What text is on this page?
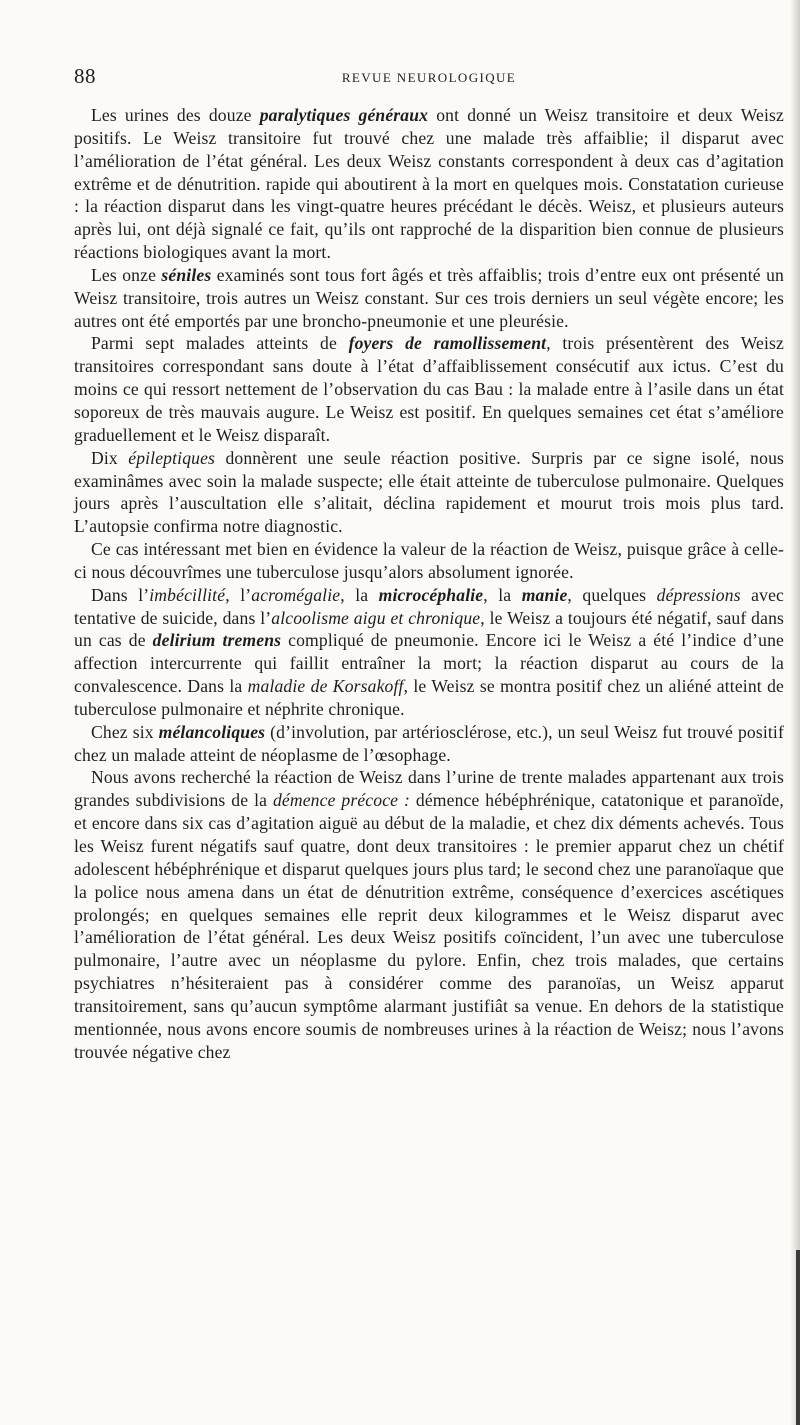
88	REVUE NEUROLOGIQUE

Les urines des douze paralytiques généraux ont donné un Weisz transitoire et deux Weisz positifs. Le Weisz transitoire fut trouvé chez une malade très affaiblie; il disparut avec l’amélioration de l’état général. Les deux Weisz constants correspondent à deux cas d’agitation extrême et de dénutrition. rapide qui aboutirent à la mort en quelques mois. Constatation curieuse : la réaction disparut dans les vingt-quatre heures précédant le décès. Weisz, et plusieurs auteurs après lui, ont déjà signalé ce fait, qu’ils ont rapproché de la disparition bien connue de plusieurs réactions biologiques avant la mort.

Les onze séniles examinés sont tous fort âgés et très affaiblis; trois d’entre eux ont présenté un Weisz transitoire, trois autres un Weisz constant. Sur ces trois derniers un seul végète encore; les autres ont été emportés par une broncho-pneumonie et une pleurésie.

Parmi sept malades atteints de foyers de ramollissement, trois présentèrent des Weisz transitoires correspondant sans doute à l’état d’affaiblissement consécutif aux ictus. C’est du moins ce qui ressort nettement de l’observation du cas Bau : la malade entre à l’asile dans un état soporeux de très mauvais augure. Le Weisz est positif. En quelques semaines cet état s’améliore graduellement et le Weisz disparaît.

Dix épileptiques donnèrent une seule réaction positive. Surpris par ce signe isolé, nous examinâmes avec soin la malade suspecte; elle était atteinte de tuberculose pulmonaire. Quelques jours après l’auscultation elle s’alitait, déclina rapidement et mourut trois mois plus tard. L’autopsie confirma notre diagnostic.

Ce cas intéressant met bien en évidence la valeur de la réaction de Weisz, puisque grâce à celle-ci nous découvrîmes une tuberculose jusqu’alors absolument ignorée.

Dans l’imbécillité, l’acromégalie, la microcéphalie, la manie, quelques dépressions avec tentative de suicide, dans l’alcoolisme aigu et chronique, le Weisz a toujours été négatif, sauf dans un cas de delirium tremens compliqué de pneumonie. Encore ici le Weisz a été l’indice d’une affection intercurrente qui faillit entraîner la mort; la réaction disparut au cours de la convalescence. Dans la maladie de Korsakoff, le Weisz se montra positif chez un aliéné atteint de tuberculose pulmonaire et néphrite chronique.

Chez six mélancoliques (d’involution, par artériosclérose, etc.), un seul Weisz fut trouvé positif chez un malade atteint de néoplasme de l’œsophage.

Nous avons recherché la réaction de Weisz dans l’urine de trente malades appartenant aux trois grandes subdivisions de la démence précoce : démence hébéphrénique, catatonique et paranoïde, et encore dans six cas d’agitation aiguë au début de la maladie, et chez dix déments achevés. Tous les Weisz furent négatifs sauf quatre, dont deux transitoires : le premier apparut chez un chétif adolescent hébéphrénique et disparut quelques jours plus tard; le second chez une paranoïaque que la police nous amena dans un état de dénutrition extrême, conséquence d’exercices ascétiques prolongés; en quelques semaines elle reprit deux kilogrammes et le Weisz disparut avec l’amélioration de l’état général. Les deux Weisz positifs coïncident, l’un avec une tuberculose pulmonaire, l’autre avec un néoplasme du pylore. Enfin, chez trois malades, que certains psychiatres n’hésiteraient pas à considérer comme des paranoïas, un Weisz apparut transitoirement, sans qu’aucun symptôme alarmant justifiât sa venue. En dehors de la statistique mentionnée, nous avons encore soumis de nombreuses urines à la réaction de Weisz; nous l’avons trouvée négative chez
